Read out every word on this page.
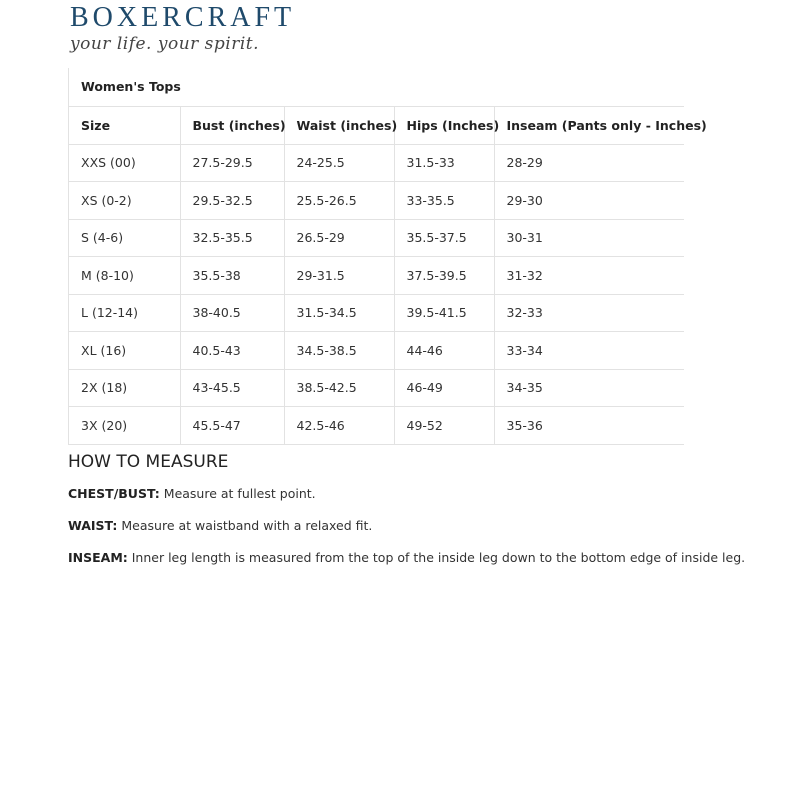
BOXERCRAFT
your life. your spirit.
Women's Tops
Size	Bust (inches)	Waist (inches)	Hips (Inches)	Inseam (Pants only - Inches)
XXS (00)	27.5-29.5	24-25.5	31.5-33	28-29
XS (0-2)	29.5-32.5	25.5-26.5	33-35.5	29-30
S (4-6)	32.5-35.5	26.5-29	35.5-37.5	30-31
M (8-10)	35.5-38	29-31.5	37.5-39.5	31-32
L (12-14)	38-40.5	31.5-34.5	39.5-41.5	32-33
XL (16)	40.5-43	34.5-38.5	44-46	33-34
2X (18)	43-45.5	38.5-42.5	46-49	34-35
3X (20)	45.5-47	42.5-46	49-52	35-36
HOW TO MEASURE

CHEST/BUST: Measure at fullest point.

WAIST: Measure at waistband with a relaxed fit.

INSEAM: Inner leg length is measured from the top of the inside leg down to the bottom edge of inside leg.
